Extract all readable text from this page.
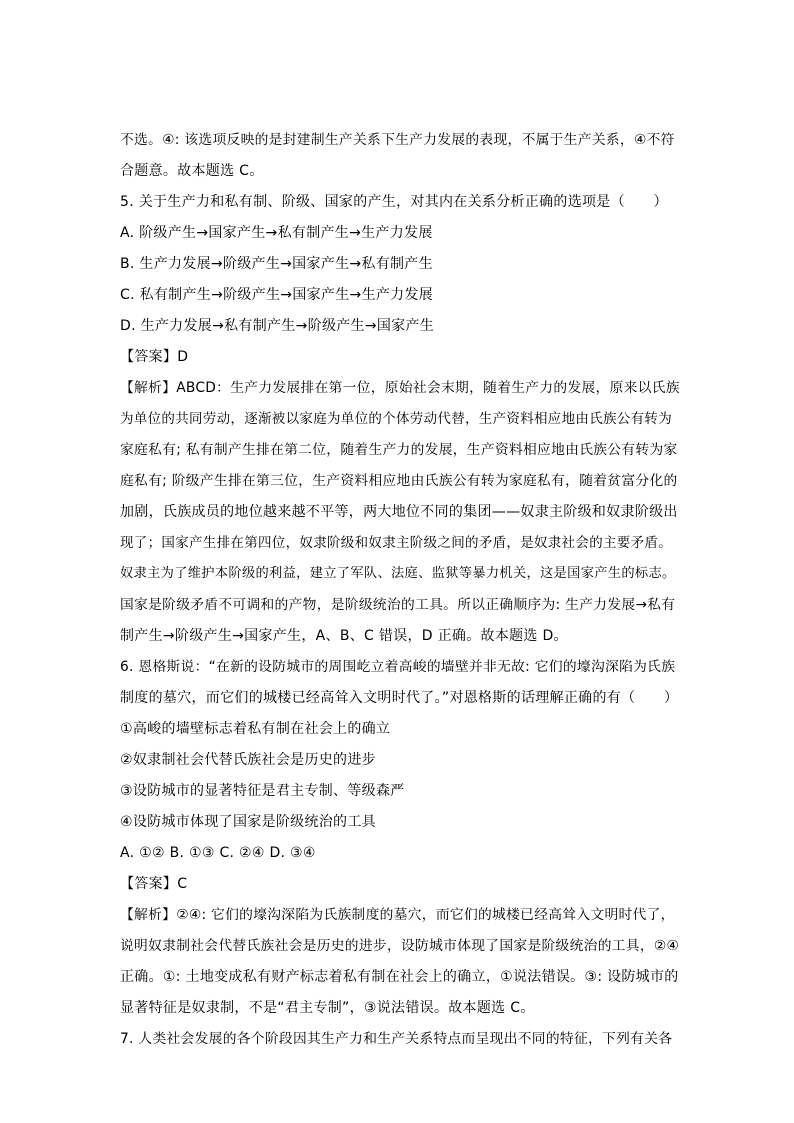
不选。④: 该选项反映的是封建制生产关系下生产力发展的表现，不属于生产关系，④不符
合题意。故本题选 C。
5. 关于生产力和私有制、阶级、国家的产生，对其内在关系分析正确的选项是（　　）
A. 阶级产生→国家产生→私有制产生→生产力发展
B. 生产力发展→阶级产生→国家产生→私有制产生
C. 私有制产生→阶级产生→国家产生→生产力发展
D. 生产力发展→私有制产生→阶级产生→国家产生
【答案】D
【解析】ABCD：生产力发展排在第一位，原始社会末期，随着生产力的发展，原来以氏族
为单位的共同劳动，逐渐被以家庭为单位的个体劳动代替，生产资料相应地由氏族公有转为
家庭私有; 私有制产生排在第二位，随着生产力的发展，生产资料相应地由氏族公有转为家
庭私有; 阶级产生排在第三位，生产资料相应地由氏族公有转为家庭私有，随着贫富分化的
加剧，氏族成员的地位越来越不平等，两大地位不同的集团——奴隶主阶级和奴隶阶级出
现了；国家产生排在第四位，奴隶阶级和奴隶主阶级之间的矛盾，是奴隶社会的主要矛盾。
奴隶主为了维护本阶级的利益，建立了军队、法庭、监狱等暴力机关，这是国家产生的标志。
国家是阶级矛盾不可调和的产物，是阶级统治的工具。所以正确顺序为: 生产力发展→私有
制产生→阶级产生→国家产生，A、B、C 错误，D 正确。故本题选 D。
6. 恩格斯说：“在新的设防城市的周围屹立着高峻的墙壁并非无故: 它们的壕沟深陷为氏族
制度的墓穴，而它们的城楼已经高耸入文明时代了。”对恩格斯的话理解正确的有（　　）
①高峻的墙壁标志着私有制在社会上的确立
②奴隶制社会代替氏族社会是历史的进步
③设防城市的显著特征是君主专制、等级森严
④设防城市体现了国家是阶级统治的工具
A. ①② B. ①③ C. ②④ D. ③④
【答案】C
【解析】②④: 它们的壕沟深陷为氏族制度的墓穴，而它们的城楼已经高耸入文明时代了，
说明奴隶制社会代替氏族社会是历史的进步，设防城市体现了国家是阶级统治的工具，②④
正确。①: 土地变成私有财产标志着私有制在社会上的确立，①说法错误。③: 设防城市的
显著特征是奴隶制，不是“君主专制”，③说法错误。故本题选 C。
7. 人类社会发展的各个阶段因其生产力和生产关系特点而呈现出不同的特征，下列有关各
